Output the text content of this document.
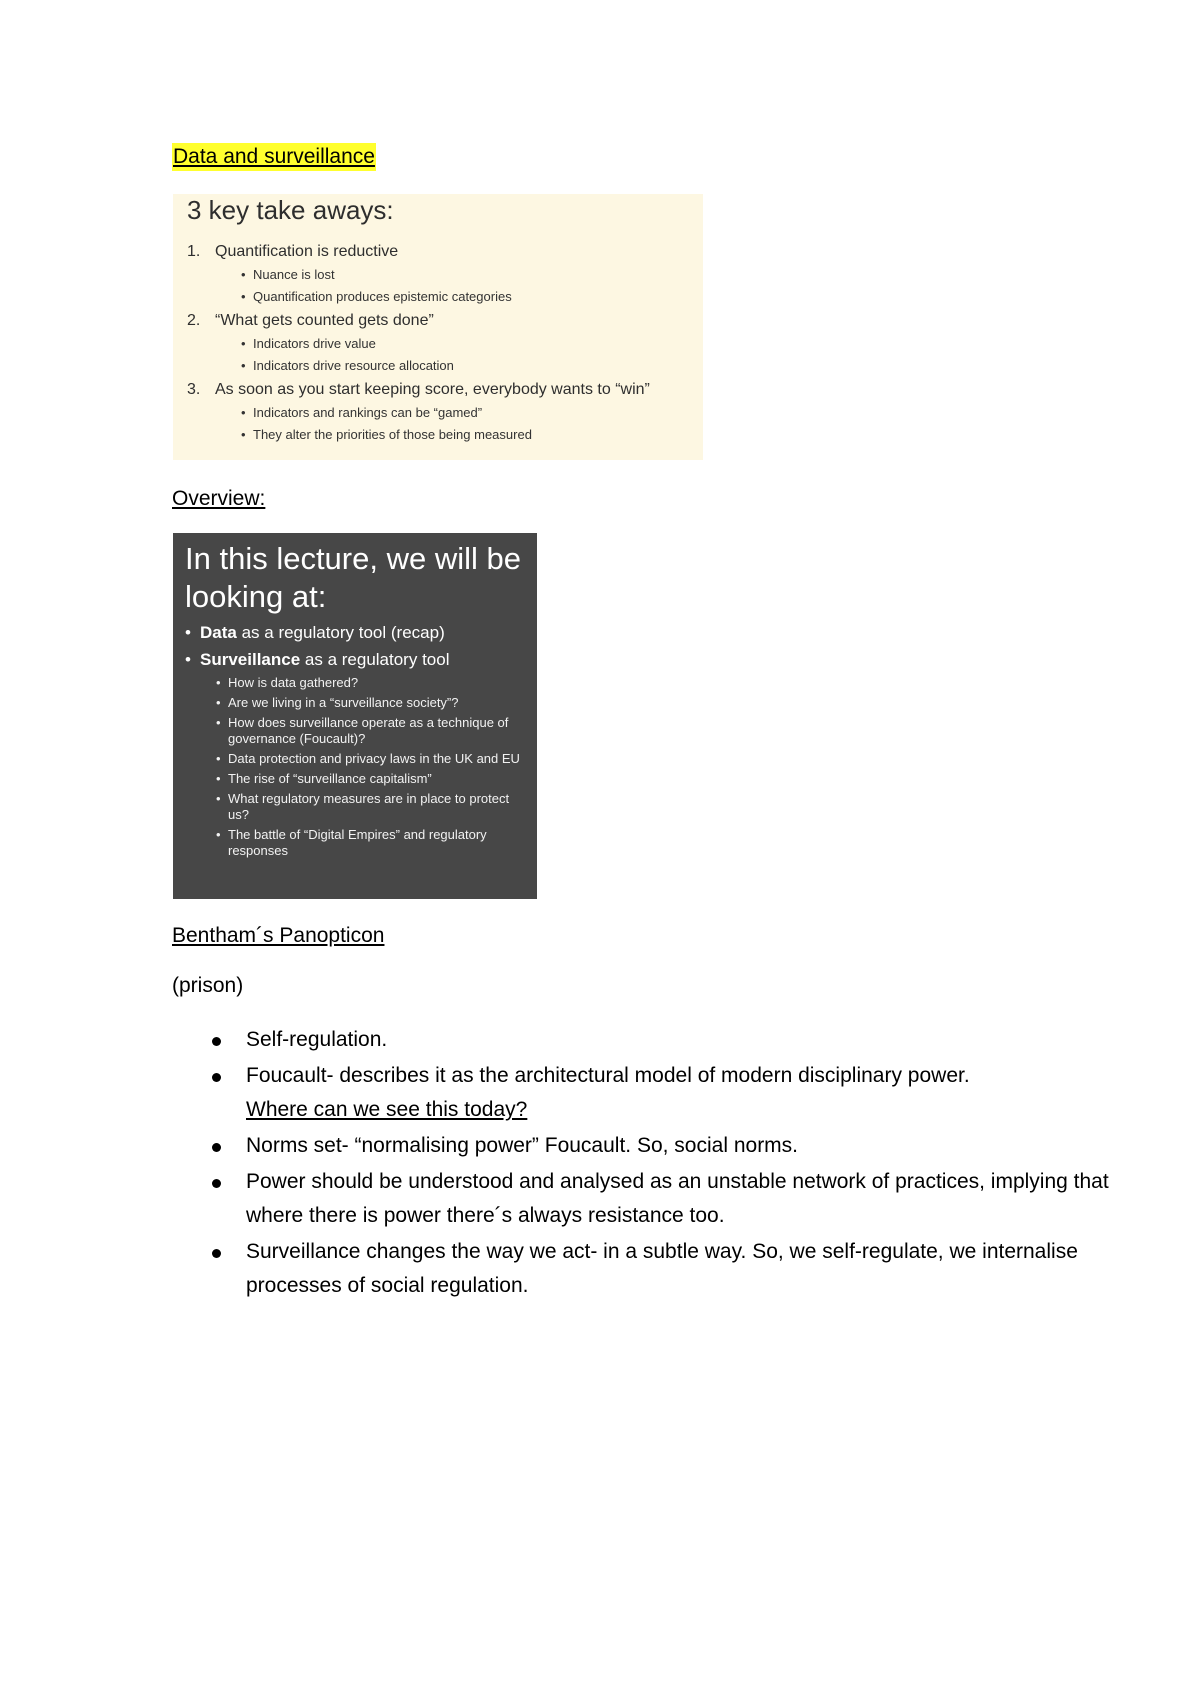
Data and surveillance
3 key take aways:
1. Quantification is reductive
• Nuance is lost
• Quantification produces epistemic categories
2. “What gets counted gets done”
• Indicators drive value
• Indicators drive resource allocation
3. As soon as you start keeping score, everybody wants to “win”
• Indicators and rankings can be “gamed”
• They alter the priorities of those being measured
Overview:
In this lecture, we will be looking at:
• Data as a regulatory tool (recap)
• Surveillance as a regulatory tool
• How is data gathered?
• Are we living in a “surveillance society”?
• How does surveillance operate as a technique of governance (Foucault)?
• Data protection and privacy laws in the UK and EU
• The rise of “surveillance capitalism”
• What regulatory measures are in place to protect us?
• The battle of “Digital Empires” and regulatory responses
Bentham´s Panopticon
(prison)
Self-regulation.
Foucault- describes it as the architectural model of modern disciplinary power.
Where can we see this today?
Norms set- “normalising power” Foucault. So, social norms.
Power should be understood and analysed as an unstable network of practices, implying that where there is power there´s always resistance too.
Surveillance changes the way we act- in a subtle way. So, we self-regulate, we internalise processes of social regulation.
